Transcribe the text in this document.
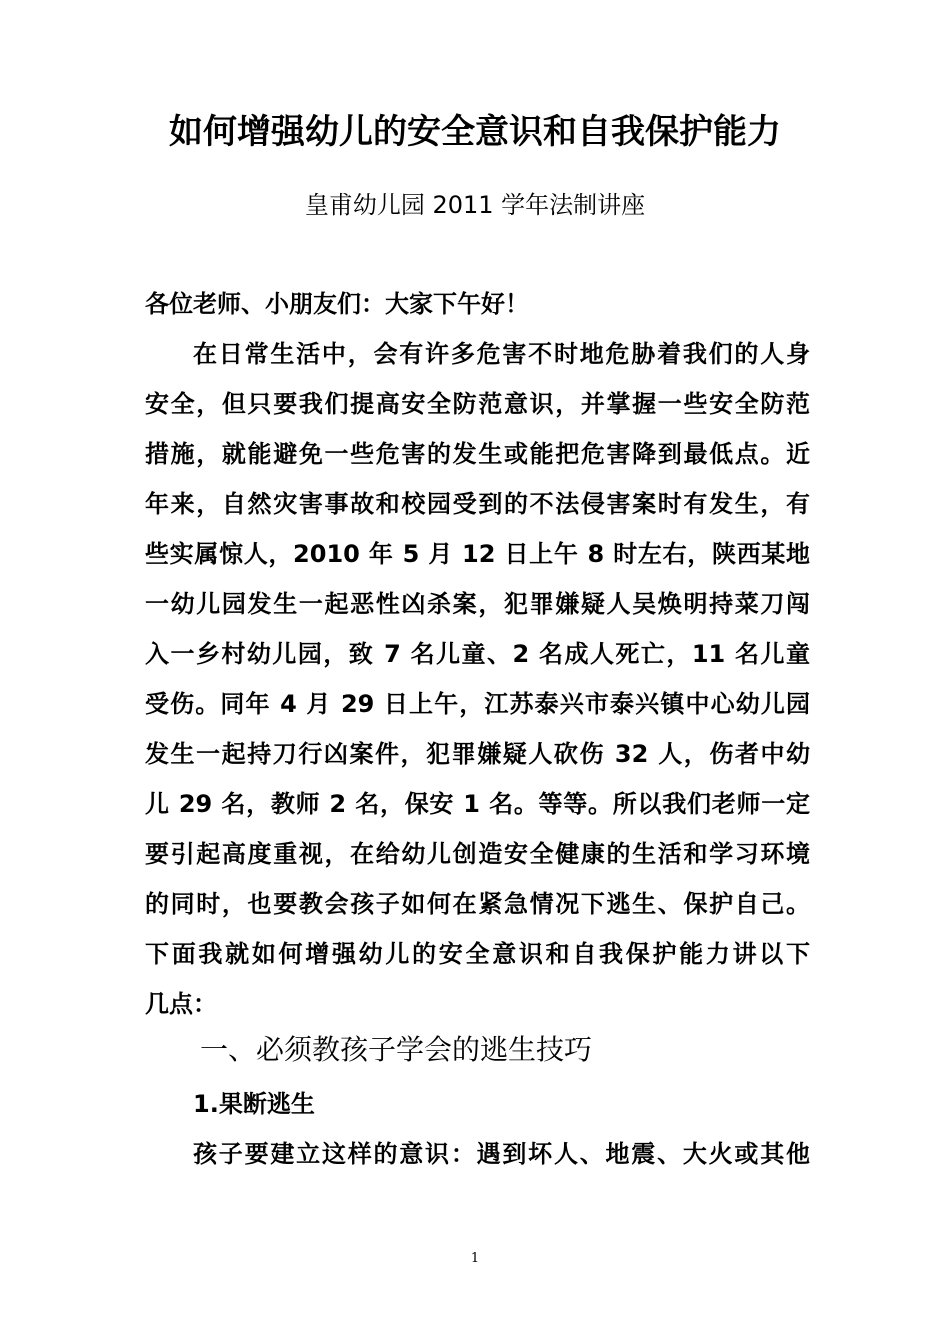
如何增强幼儿的安全意识和自我保护能力
皇甫幼儿园 2011 学年法制讲座
各位老师、小朋友们：大家下午好！
在日常生活中，会有许多危害不时地危胁着我们的人身
安全，但只要我们提高安全防范意识，并掌握一些安全防范
措施，就能避免一些危害的发生或能把危害降到最低点。近
年来，自然灾害事故和校园受到的不法侵害案时有发生，有
些实属惊人，2010 年 5 月 12 日上午 8 时左右，陕西某地
一幼儿园发生一起恶性凶杀案，犯罪嫌疑人吴焕明持菜刀闯
入一乡村幼儿园，致 7 名儿童、2 名成人死亡，11 名儿童
受伤。同年 4 月 29 日上午，江苏泰兴市泰兴镇中心幼儿园
发生一起持刀行凶案件，犯罪嫌疑人砍伤 32 人，伤者中幼
儿 29 名，教师 2 名，保安 1 名。等等。所以我们老师一定
要引起高度重视，在给幼儿创造安全健康的生活和学习环境
的同时，也要教会孩子如何在紧急情况下逃生、保护自己。
下面我就如何增强幼儿的安全意识和自我保护能力讲以下
几点：
一、必须教孩子学会的逃生技巧
1.果断逃生
孩子要建立这样的意识：遇到坏人、地震、大火或其他
1
